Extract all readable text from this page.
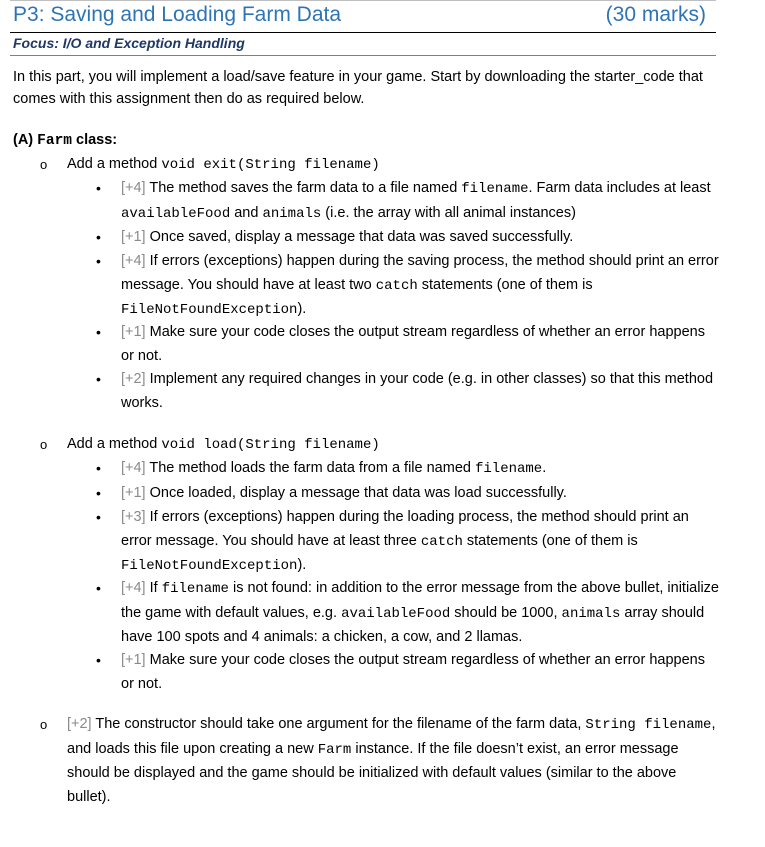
P3: Saving and Loading Farm Data	(30 marks)
Focus: I/O and Exception Handling
In this part, you will implement a load/save feature in your game. Start by downloading the starter_code that comes with this assignment then do as required below.
(A) Farm class:
o Add a method void exit(String filename)
• [+4] The method saves the farm data to a file named filename. Farm data includes at least availableFood and animals (i.e. the array with all animal instances)
• [+1] Once saved, display a message that data was saved successfully.
• [+4] If errors (exceptions) happen during the saving process, the method should print an error message. You should have at least two catch statements (one of them is FileNotFoundException).
• [+1] Make sure your code closes the output stream regardless of whether an error happens or not.
• [+2] Implement any required changes in your code (e.g. in other classes) so that this method works.
o Add a method void load(String filename)
• [+4] The method loads the farm data from a file named filename.
• [+1] Once loaded, display a message that data was load successfully.
• [+3] If errors (exceptions) happen during the loading process, the method should print an error message. You should have at least three catch statements (one of them is FileNotFoundException).
• [+4] If filename is not found: in addition to the error message from the above bullet, initialize the game with default values, e.g. availableFood should be 1000, animals array should have 100 spots and 4 animals: a chicken, a cow, and 2 llamas.
• [+1] Make sure your code closes the output stream regardless of whether an error happens or not.
o [+2] The constructor should take one argument for the filename of the farm data, String filename, and loads this file upon creating a new Farm instance. If the file doesn’t exist, an error message should be displayed and the game should be initialized with default values (similar to the above bullet).
